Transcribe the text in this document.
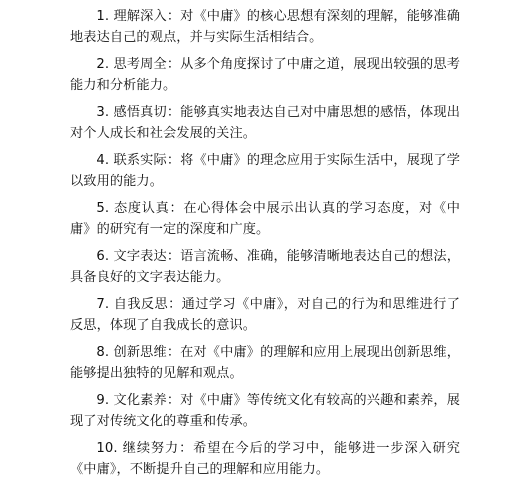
1. 理解深入：对《中庸》的核心思想有深刻的理解，能够准确地表达自己的观点，并与实际生活相结合。

2. 思考周全：从多个角度探讨了中庸之道，展现出较强的思考能力和分析能力。

3. 感悟真切：能够真实地表达自己对中庸思想的感悟，体现出对个人成长和社会发展的关注。

4. 联系实际：将《中庸》的理念应用于实际生活中，展现了学以致用的能力。

5. 态度认真：在心得体会中展示出认真的学习态度，对《中庸》的研究有一定的深度和广度。

6. 文字表达：语言流畅、准确，能够清晰地表达自己的想法，具备良好的文字表达能力。

7. 自我反思：通过学习《中庸》，对自己的行为和思维进行了反思，体现了自我成长的意识。

8. 创新思维：在对《中庸》的理解和应用上展现出创新思维，能够提出独特的见解和观点。

9. 文化素养：对《中庸》等传统文化有较高的兴趣和素养，展现了对传统文化的尊重和传承。

10. 继续努力：希望在今后的学习中，能够进一步深入研究《中庸》，不断提升自己的理解和应用能力。
